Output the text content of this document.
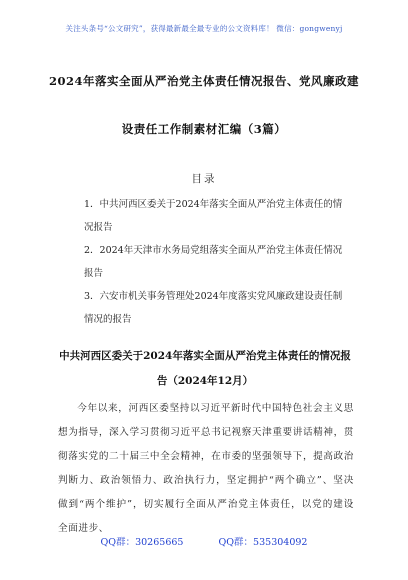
关注头条号“公文研究”，获得最新最全最专业的公文资料库！ 微信：gongwenyj
2024年落实全面从严治党主体责任情况报告、党风廉政建
设责任工作制素材汇编（3篇）
目录

1．中共河西区委关于2024年落实全面从严治党主体责任的情况报告

2．2024年天津市水务局党组落实全面从严治党主体责任情况报告

3．六安市机关事务管理处2024年度落实党风廉政建设责任制情况的报告

中共河西区委关于2024年落实全面从严治党主体责任的情况报告（2024年12月）
今年以来，河西区委坚持以习近平新时代中国特色社会主义思想为指导，深入学习贯彻习近平总书记视察天津重要讲话精神，贯彻落实党的二十届三中全会精神，在市委的坚强领导下，提高政治判断力、政治领悟力、政治执行力，坚定拥护“两个确立”、坚决做到“两个维护”，切实履行全面从严治党主体责任，以党的建设全面进步、
QQ群：30265665	QQ群：535304092
